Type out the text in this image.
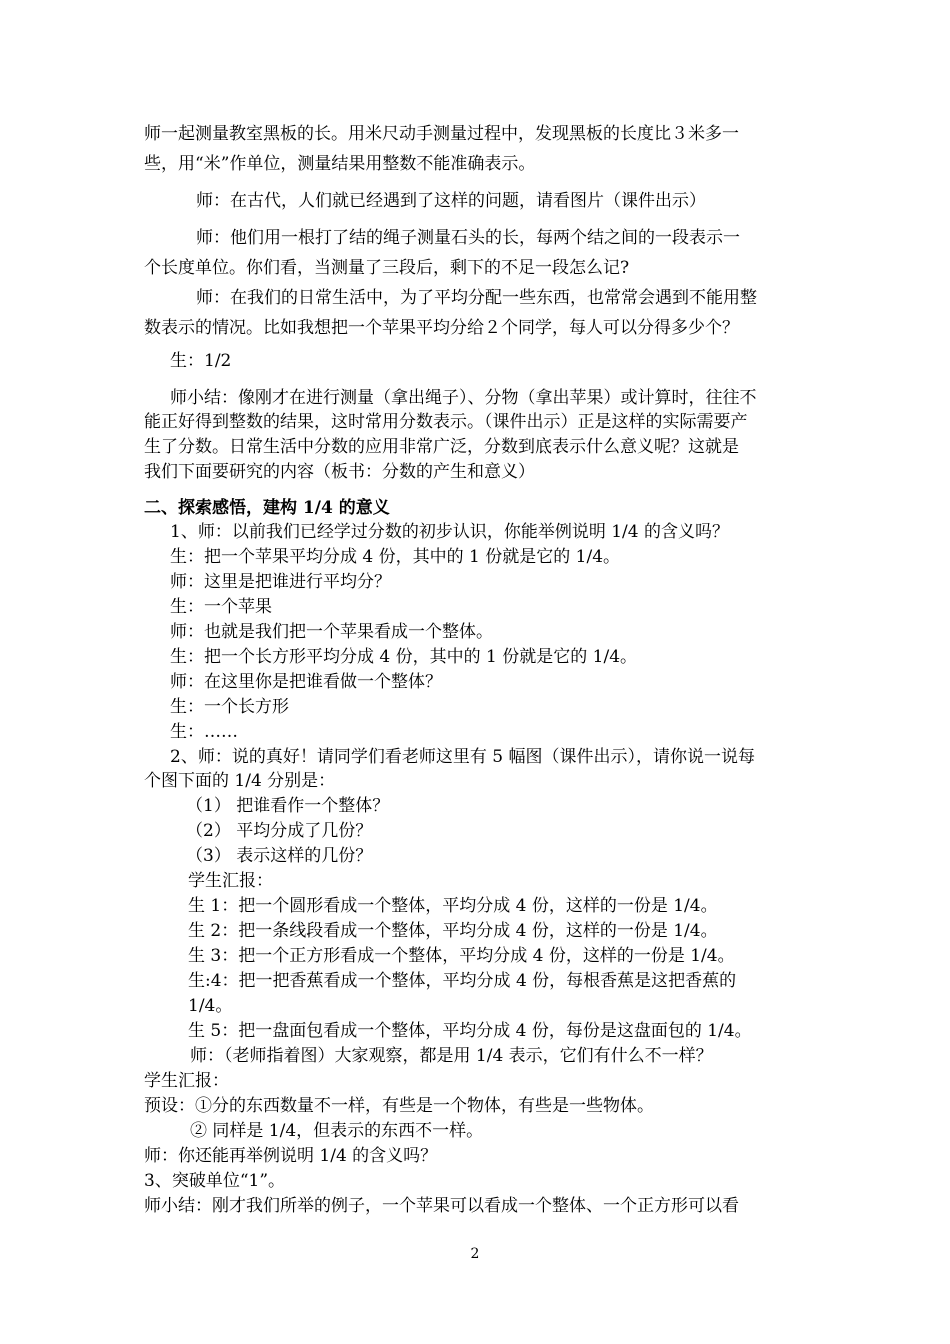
师一起测量教室黑板的长。用米尺动手测量过程中，发现黑板的长度比３米多一
些，用“米”作单位，测量结果用整数不能准确表示。
师：在古代，人们就已经遇到了这样的问题，请看图片（课件出示）
师：他们用一根打了结的绳子测量石头的长，每两个结之间的一段表示一
个长度单位。你们看，当测量了三段后，剩下的不足一段怎么记?
师：在我们的日常生活中，为了平均分配一些东西，也常常会遇到不能用整
数表示的情况。比如我想把一个苹果平均分给２个同学，每人可以分得多少个？
生：1/2
师小结：像刚才在进行测量（拿出绳子）、分物（拿出苹果）或计算时，往往不
能正好得到整数的结果，这时常用分数表示。（课件出示）正是这样的实际需要产
生了分数。日常生活中分数的应用非常广泛，分数到底表示什么意义呢？这就是
我们下面要研究的内容（板书：分数的产生和意义）
二、探索感悟，建构 1/4 的意义
1、师：以前我们已经学过分数的初步认识，你能举例说明 1/4 的含义吗？
生：把一个苹果平均分成 4 份，其中的 1 份就是它的 1/4。
师：这里是把谁进行平均分？
生：一个苹果
师：也就是我们把一个苹果看成一个整体。
生：把一个长方形平均分成 4 份，其中的 1 份就是它的 1/4。
师：在这里你是把谁看做一个整体？
生：一个长方形
生：……
2、师：说的真好！请同学们看老师这里有 5 幅图（课件出示），请你说一说每
个图下面的 1/4 分别是：
（1） 把谁看作一个整体？
（2） 平均分成了几份？
（3） 表示这样的几份？
学生汇报：
生 1：把一个圆形看成一个整体，平均分成 4 份，这样的一份是 1/4。
生 2：把一条线段看成一个整体，平均分成 4 份，这样的一份是 1/4。
生 3：把一个正方形看成一个整体，平均分成 4 份，这样的一份是 1/4。
生:4：把一把香蕉看成一个整体，平均分成 4 份，每根香蕉是这把香蕉的
1/4。
生 5：把一盘面包看成一个整体，平均分成 4 份，每份是这盘面包的 1/4。
师：（老师指着图）大家观察，都是用 1/4 表示，它们有什么不一样？
学生汇报：
预设：①分的东西数量不一样，有些是一个物体，有些是一些物体。
② 同样是 1/4，但表示的东西不一样。
师：你还能再举例说明 1/4 的含义吗？
3、突破单位“1”。
师小结：刚才我们所举的例子，一个苹果可以看成一个整体、一个正方形可以看
2
